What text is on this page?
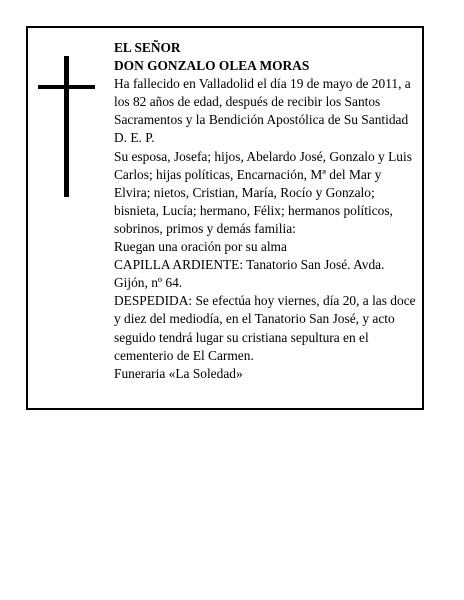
EL SEÑOR

DON GONZALO OLEA MORAS

Ha fallecido en Valladolid el día 19 de mayo de 2011, a los 82 años de edad, después de recibir los Santos Sacramentos y la Bendición Apostólica de Su Santidad D. E. P.

Su esposa, Josefa; hijos, Abelardo José, Gonzalo y Luis Carlos; hijas políticas, Encarnación, Mª del Mar y Elvira; nietos, Cristian, María, Rocío y Gonzalo; bisnieta, Lucía; hermano, Félix; hermanos políticos, sobrinos, primos y demás familia:

Ruegan una oración por su alma

CAPILLA ARDIENTE: Tanatorio San José. Avda. Gijón, nº 64.

DESPEDIDA: Se efectúa hoy viernes, día 20, a las doce y diez del mediodía, en el Tanatorio San José, y acto seguido tendrá lugar su cristiana sepultura en el cementerio de El Carmen.

Funeraria «La Soledad»
